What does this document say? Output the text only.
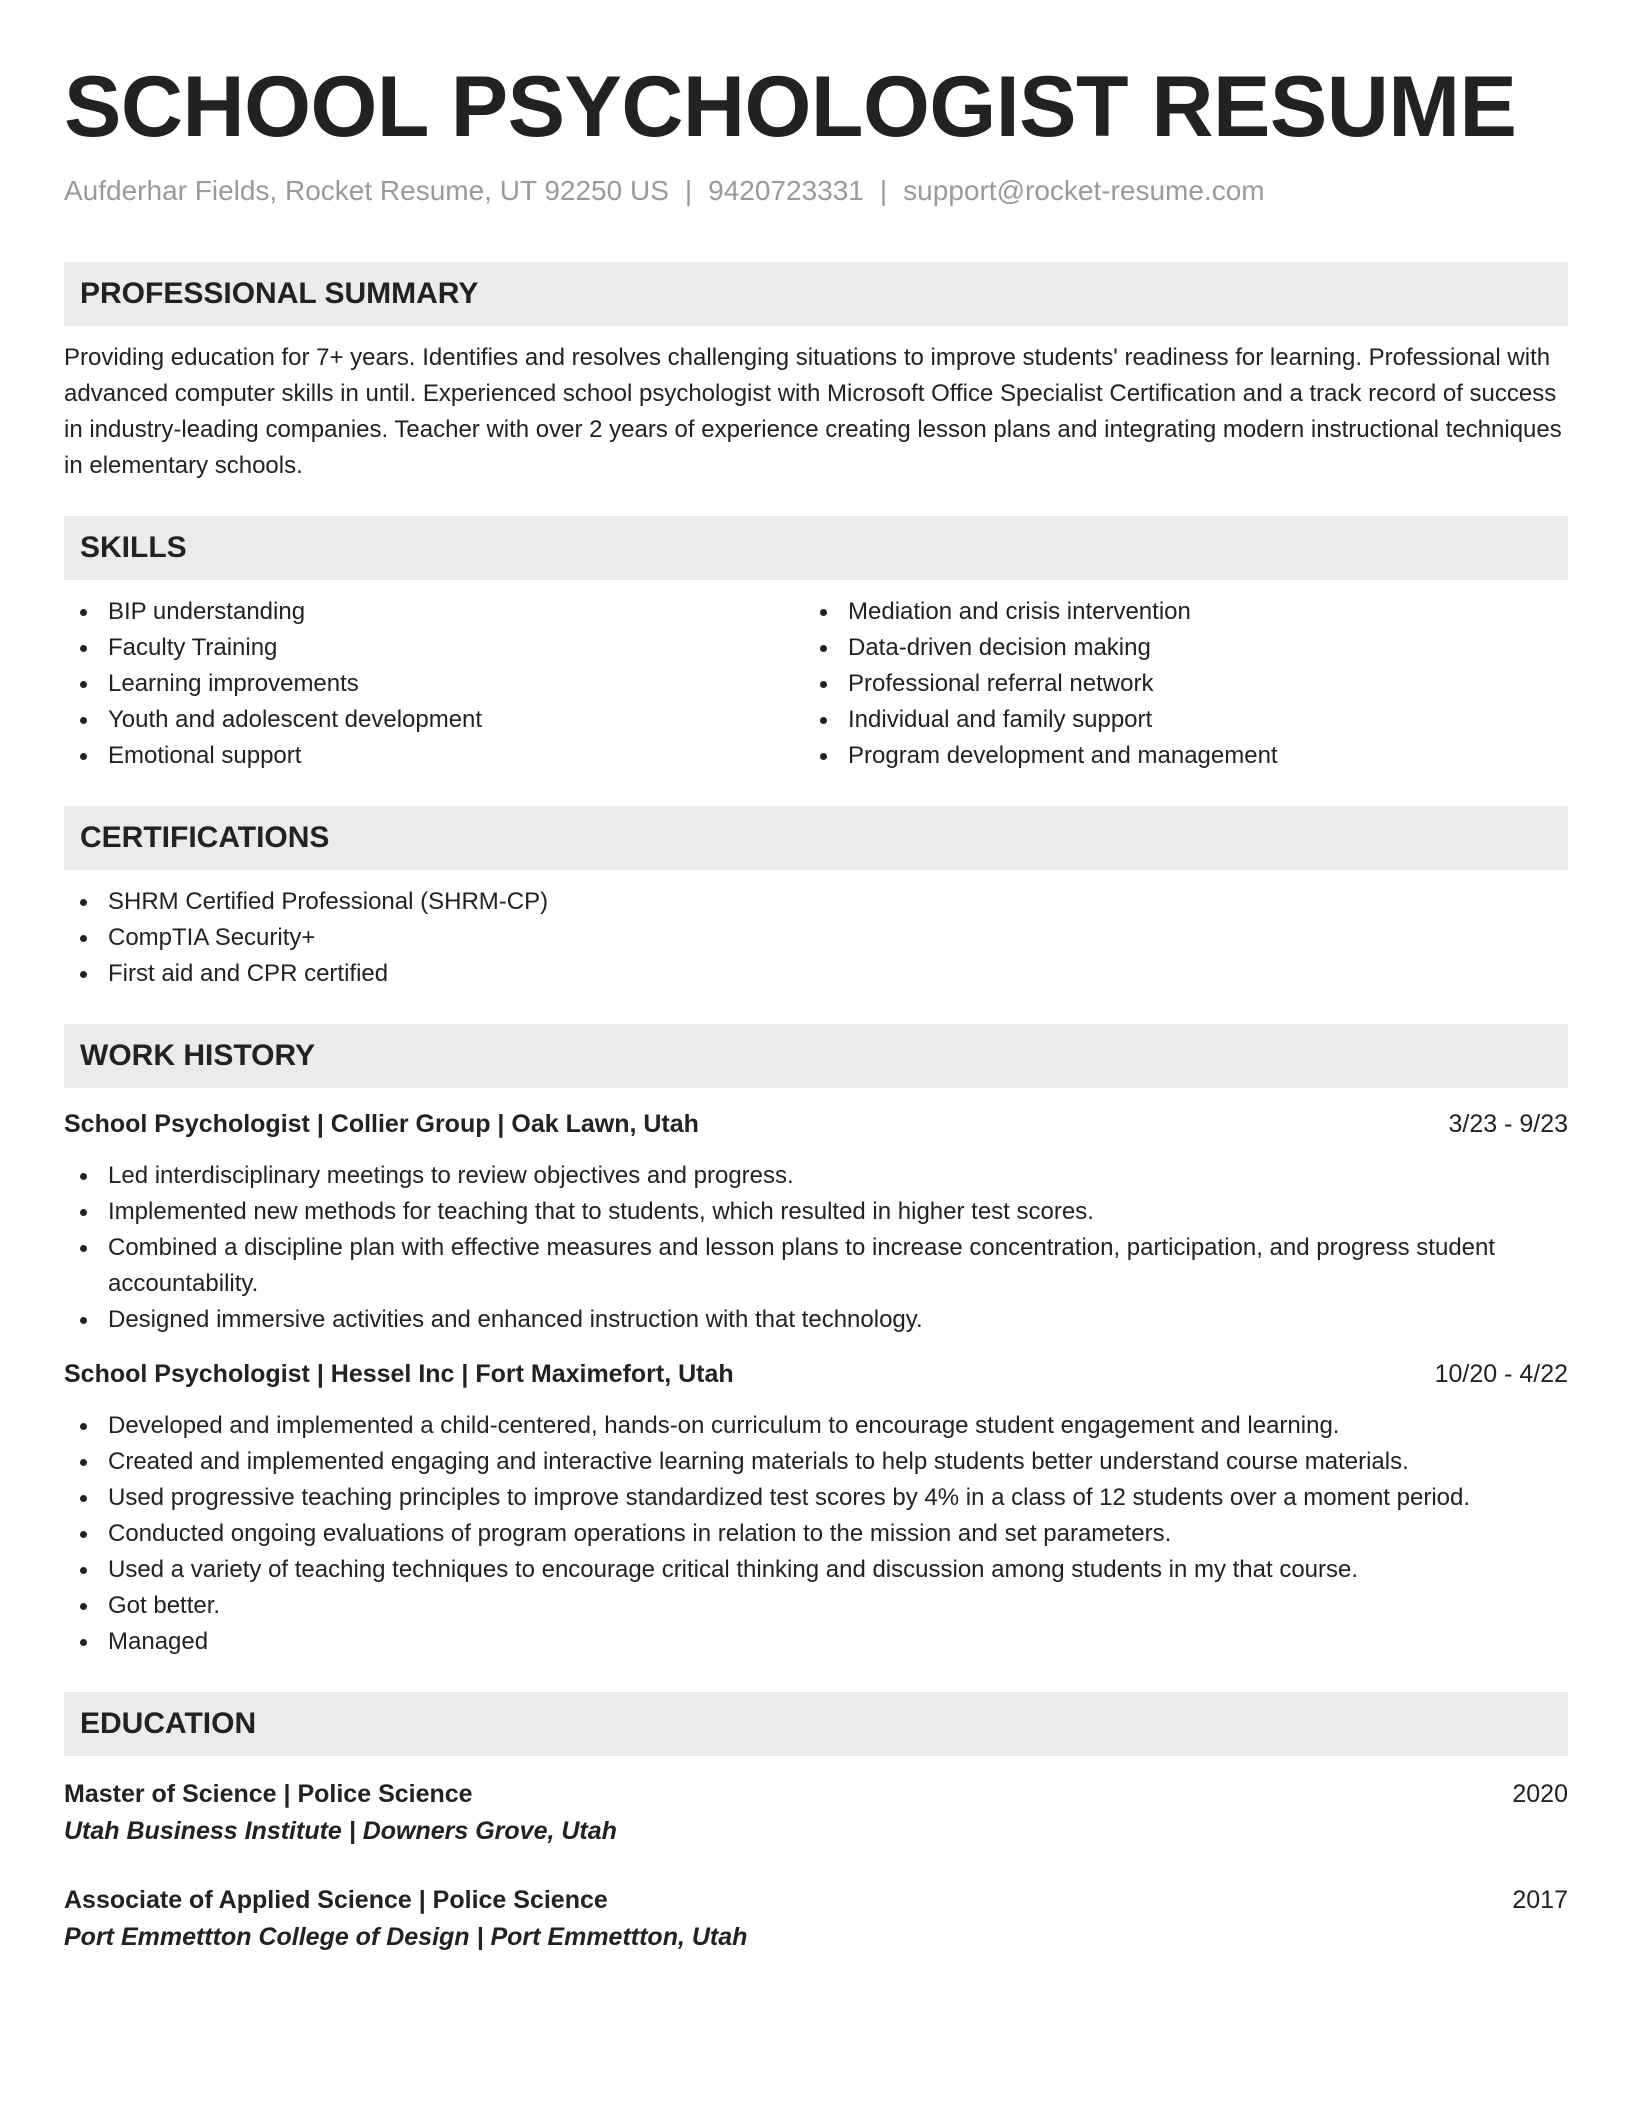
SCHOOL PSYCHOLOGIST RESUME
Aufderhar Fields, Rocket Resume, UT 92250 US | 9420723331 | support@rocket-resume.com
PROFESSIONAL SUMMARY

Providing education for 7+ years. Identifies and resolves challenging situations to improve students' readiness for learning. Professional with advanced computer skills in until. Experienced school psychologist with Microsoft Office Specialist Certification and a track record of success in industry-leading companies. Teacher with over 2 years of experience creating lesson plans and integrating modern instructional techniques in elementary schools.

SKILLS
BIP understanding
Faculty Training
Learning improvements
Youth and adolescent development
Emotional support
Mediation and crisis intervention
Data-driven decision making
Professional referral network
Individual and family support
Program development and management
CERTIFICATIONS
SHRM Certified Professional (SHRM-CP)
CompTIA Security+
First aid and CPR certified
WORK HISTORY
School Psychologist | Collier Group | Oak Lawn, Utah	3/23 - 9/23
Led interdisciplinary meetings to review objectives and progress.
Implemented new methods for teaching that to students, which resulted in higher test scores.
Combined a discipline plan with effective measures and lesson plans to increase concentration, participation, and progress student accountability.
Designed immersive activities and enhanced instruction with that technology.
School Psychologist | Hessel Inc | Fort Maximefort, Utah	10/20 - 4/22
Developed and implemented a child-centered, hands-on curriculum to encourage student engagement and learning.
Created and implemented engaging and interactive learning materials to help students better understand course materials.
Used progressive teaching principles to improve standardized test scores by 4% in a class of 12 students over a moment period.
Conducted ongoing evaluations of program operations in relation to the mission and set parameters.
Used a variety of teaching techniques to encourage critical thinking and discussion among students in my that course.
Got better.
Managed
EDUCATION
Master of Science | Police Science	2020
Utah Business Institute | Downers Grove, Utah
Associate of Applied Science | Police Science	2017
Port Emmettton College of Design | Port Emmettton, Utah
